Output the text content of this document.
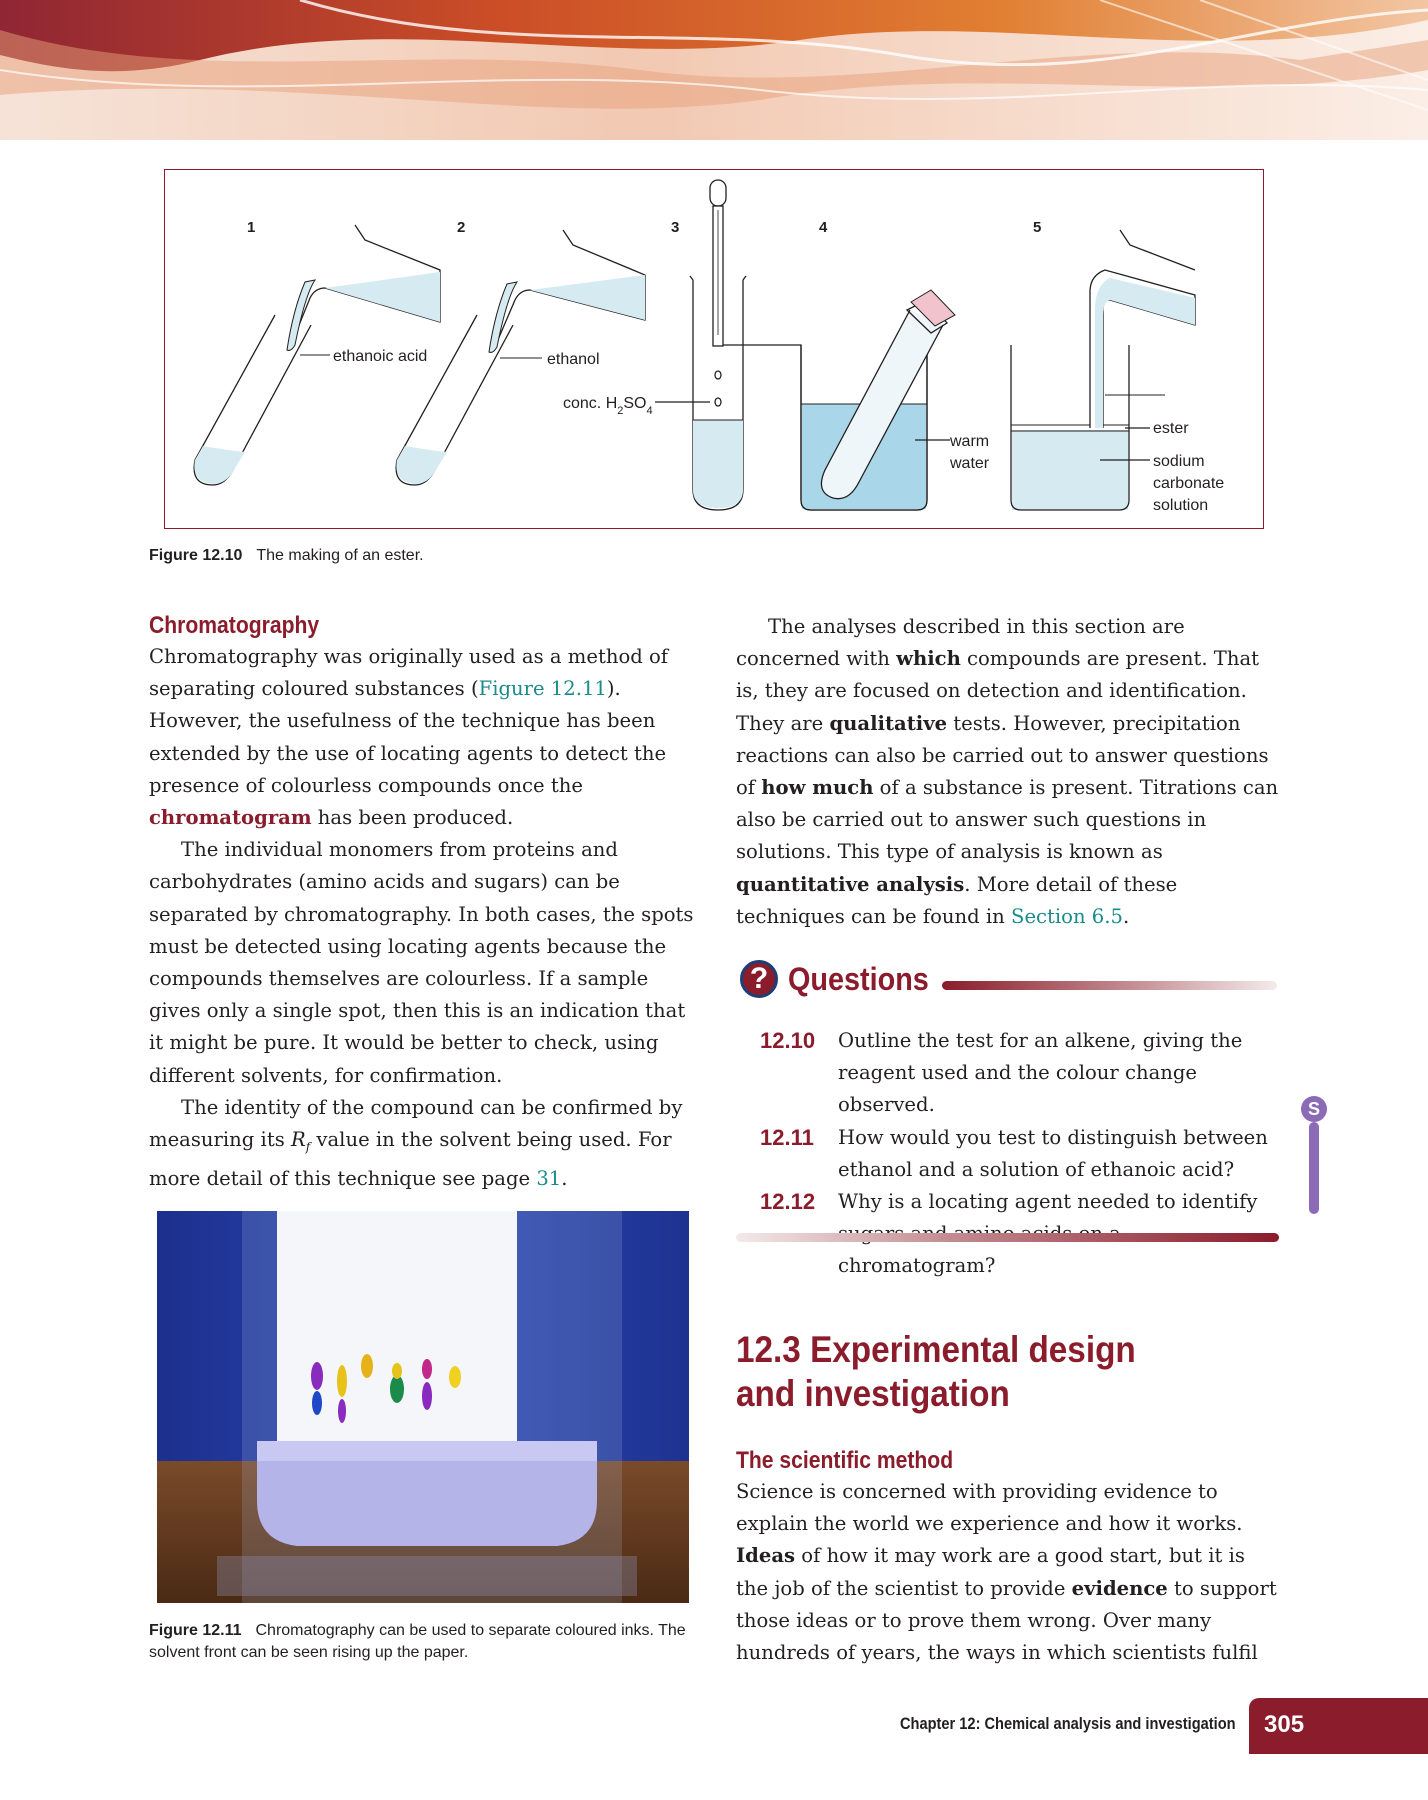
1	2	3	4	5
conc. $H_2SO_4$
warm
water
ester
sodium
carbonate
solution
ethanoic acid	ethanol
Figure 12.10 The making of an ester.
Chromatography

Chromatography was originally used as a method of separating coloured substances (Figure 12.11). However, the usefulness of the technique has been extended by the use of locating agents to detect the presence of colourless compounds once the chromatogram has been produced.

The individual monomers from proteins and carbohydrates (amino acids and sugars) can be separated by chromatography. In both cases, the spots must be detected using locating agents because the compounds themselves are colourless. If a sample gives only a single spot, then this is an indication that it might be pure. It would be better to check, using different solvents, for confirmation.

The identity of the compound can be confirmed by measuring its $R_f$ value in the solvent being used. For more detail of this technique see page 31.

Figure 12.11 Chromatography can be used to separate coloured inks. The solvent front can be seen rising up the paper.

The analyses described in this section are concerned with which compounds are present. That is, they are focused on detection and identification. They are qualitative tests. However, precipitation reactions can also be carried out to answer questions of how much of a substance is present. Titrations can also be carried out to answer such questions in solutions. This type of analysis is known as quantitative analysis. More detail of these techniques can be found in Section 6.5.

? Questions
12.10	Outline the test for an alkene, giving the reagent used and the colour change observed.
12.11	How would you test to distinguish between ethanol and a solution of ethanoic acid?
12.12	Why is a locating agent needed to identify chromatogram?
S
12.3 Experimental design and investigation
The scientific method

Science is concerned with providing evidence to explain the world we experience and how it works. Ideas of how it may work are a good start, but it is the job of the scientist to provide evidence to support those ideas or to prove them wrong. Over many hundreds of years, the ways in which scientists fulfil

Chapter 12: Chemical analysis and investigation 305
